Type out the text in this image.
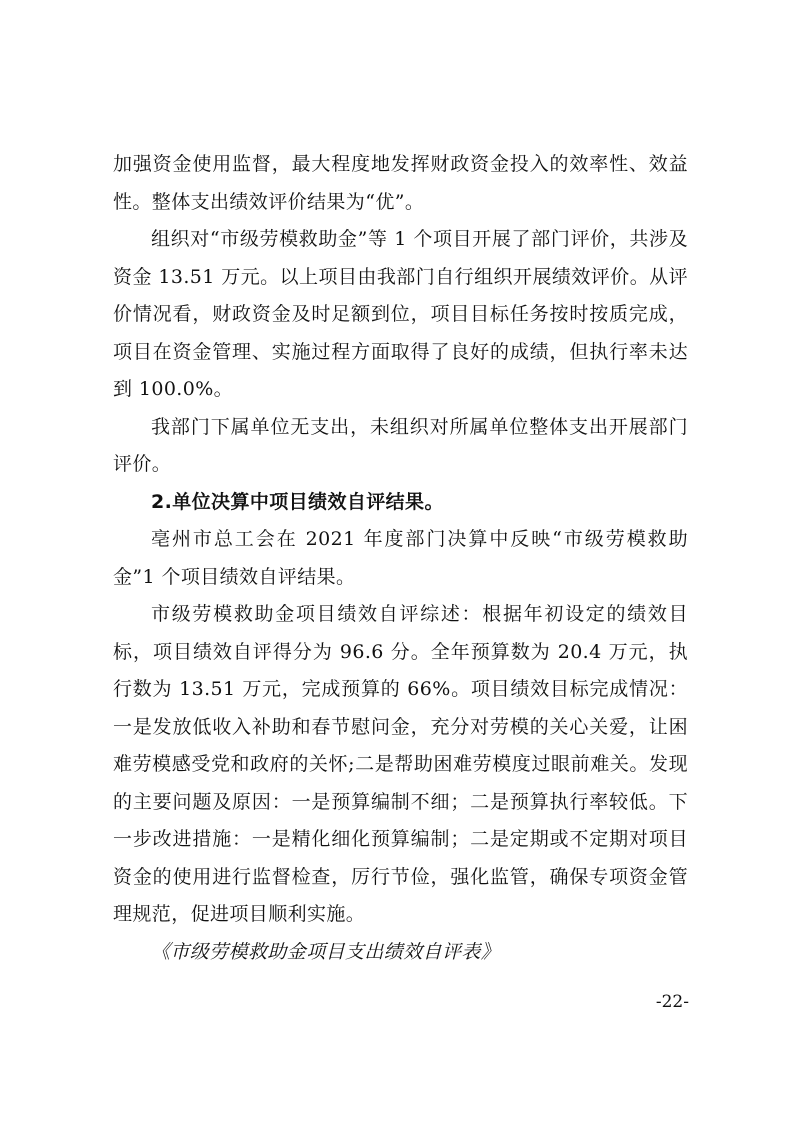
加强资金使用监督，最大程度地发挥财政资金投入的效率性、效益性。整体支出绩效评价结果为“优”。

组织对“市级劳模救助金”等 1 个项目开展了部门评价，共涉及资金 13.51 万元。以上项目由我部门自行组织开展绩效评价。从评价情况看，财政资金及时足额到位，项目目标任务按时按质完成，项目在资金管理、实施过程方面取得了良好的成绩，但执行率未达到 100.0%。

我部门下属单位无支出，未组织对所属单位整体支出开展部门评价。

2.单位决算中项目绩效自评结果。

亳州市总工会在 2021 年度部门决算中反映“市级劳模救助金”1 个项目绩效自评结果。

市级劳模救助金项目绩效自评综述：根据年初设定的绩效目标，项目绩效自评得分为 96.6 分。全年预算数为 20.4 万元，执行数为 13.51 万元，完成预算的 66%。项目绩效目标完成情况：一是发放低收入补助和春节慰问金，充分对劳模的关心关爱，让困难劳模感受党和政府的关怀;二是帮助困难劳模度过眼前难关。发现的主要问题及原因：一是预算编制不细；二是预算执行率较低。下一步改进措施：一是精化细化预算编制；二是定期或不定期对项目资金的使用进行监督检查，厉行节俭，强化监管，确保专项资金管理规范，促进项目顺利实施。

《市级劳模救助金项目支出绩效自评表》

-22-
